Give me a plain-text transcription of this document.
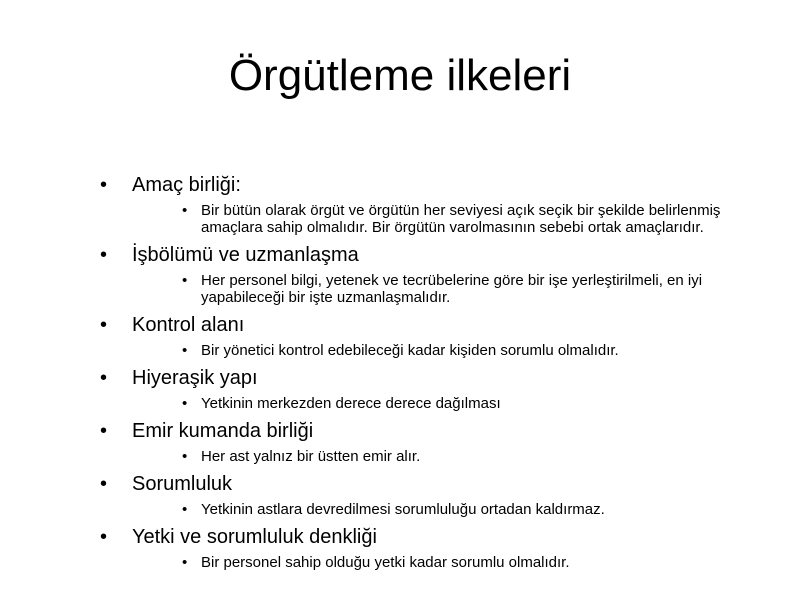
Örgütleme ilkeleri

• Amaç birliği:

• Bir bütün olarak örgüt ve örgütün her seviyesi açık seçik bir şekilde belirlenmiş amaçlara sahip olmalıdır. Bir örgütün varolmasının sebebi ortak amaçlarıdır.

• İşbölümü ve uzmanlaşma

• Her personel bilgi, yetenek ve tecrübelerine göre bir işe yerleştirilmeli, en iyi yapabileceği bir işte uzmanlaşmalıdır.

• Kontrol alanı

• Bir yönetici kontrol edebileceği kadar kişiden sorumlu olmalıdır.

• Hiyeraşik yapı

• Yetkinin merkezden derece derece dağılması

• Emir kumanda birliği

• Her ast yalnız bir üstten emir alır.

• Sorumluluk

• Yetkinin astlara devredilmesi sorumluluğu ortadan kaldırmaz.

• Yetki ve sorumluluk denkliği

• Bir personel sahip olduğu yetki kadar sorumlu olmalıdır.
